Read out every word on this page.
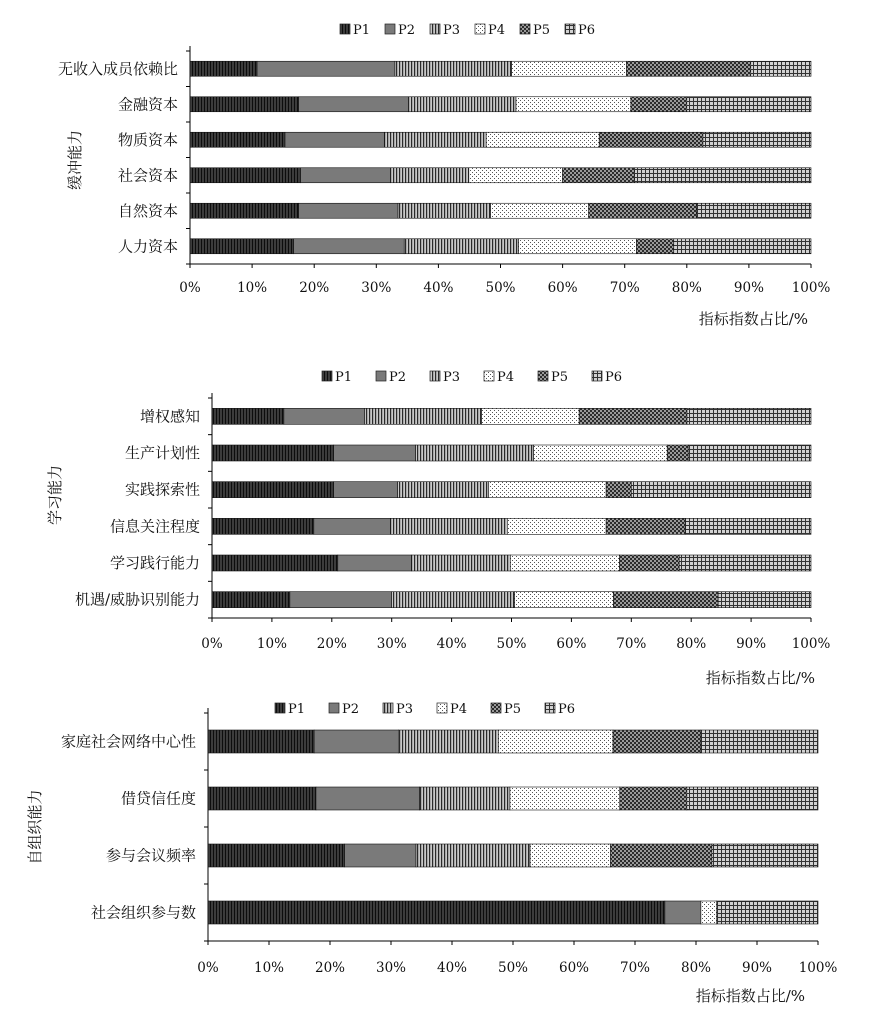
P1 P2 P3 P4 P5 P6
0%	10% 20% 30% 40% 50% 60% 70% 80% 90% 100%
无收入成员依赖比
金融资本
物质资本
社会资本
自然资本
人力资本
缓冲能力
指标指数占比/%
P1	P2	P3	P4	P5	P6
0%	10% 20% 30% 40% 50% 60% 70% 80% 90% 100%
增权感知
生产计划性
实践探索性
信息关注程度
学习践行能力
机遇/威胁识别能力
学习能力
指标指数占比/%
P1	P2	P3	P4	P5	P6
0%	10% 20% 30% 40% 50% 60% 70% 80% 90% 100%
家庭社会网络中心性
借贷信任度
参与会议频率
社会组织参与数
自组织能力
指标指数占比/%
